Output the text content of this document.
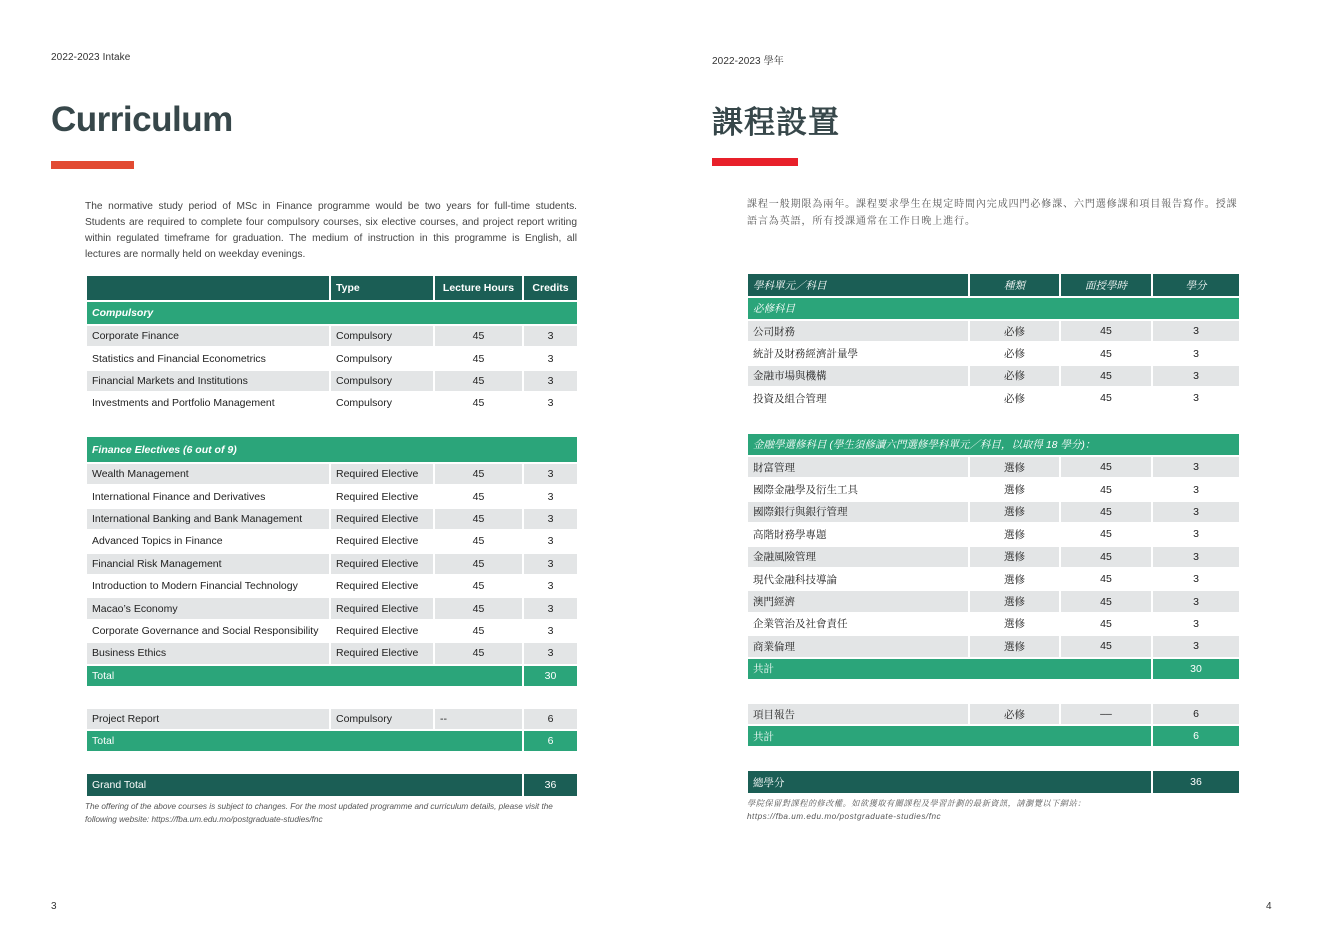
2022-2023 Intake
Curriculum

The normative study period of MSc in Finance programme would be two years for full-time students. Students are required to complete four compulsory courses, six elective courses, and project report writing within regulated timeframe for graduation. The medium of instruction in this programme is English, all lectures are normally held on weekday evenings.

	Type	Lecture Hours	Credits
Compulsory			
Corporate Finance	Compulsory	45	3
Statistics and Financial Econometrics	Compulsory	45	3
Financial Markets and Institutions	Compulsory	45	3
Investments and Portfolio Management	Compulsory	45	3
Finance Electives (6 out of 9)			
Wealth Management	Required Elective	45	3
International Finance and Derivatives	Required Elective	45	3
International Banking and Bank Management	Required Elective	45	3
Advanced Topics in Finance	Required Elective	45	3
Financial Risk Management	Required Elective	45	3
Introduction to Modern Financial Technology	Required Elective	45	3
Macao’s Economy	Required Elective	45	3
Corporate Governance and Social Responsibility	Required Elective	45	3
Business Ethics	Required Elective	45	3
Total			30
Project Report	Compulsory	--	6
Total			6
Grand Total	36

The offering of the above courses is subject to changes. For the most updated programme and curriculum details, please visit the following website: https://fba.um.edu.mo/postgraduate-studies/fnc

3
2022-2023 學年
課程設置

課程一般期限為兩年。課程要求學生在規定時間內完成四門必修課、六門選修課和項目報告寫作。授課語言為英語，所有授課通常在工作日晚上進行。

學科單元／科目	種類	面授學時	學分
必修科目			
公司財務	必修	45	3
統計及財務經濟計量學	必修	45	3
金融市場與機構	必修	45	3
投資及組合管理	必修	45	3
金融學選修科目 (學生須修讀六門選修學科單元／科目，以取得 18 學分)：			
財富管理	選修	45	3
國際金融學及衍生工具	選修	45	3
國際銀行與銀行管理	選修	45	3
高階財務學專題	選修	45	3
金融風險管理	選修	45	3
現代金融科技導論	選修	45	3
澳門經濟	選修	45	3
企業管治及社會責任	選修	45	3
商業倫理	選修	45	3
共計			30
項目報告	必修	––	6
共計			6
總學分	36

學院保留對課程的修改權。如欲獲取有關課程及學習計劃的最新資訊，請瀏覽以下網站：https://fba.um.edu.mo/postgraduate-studies/fnc

4
